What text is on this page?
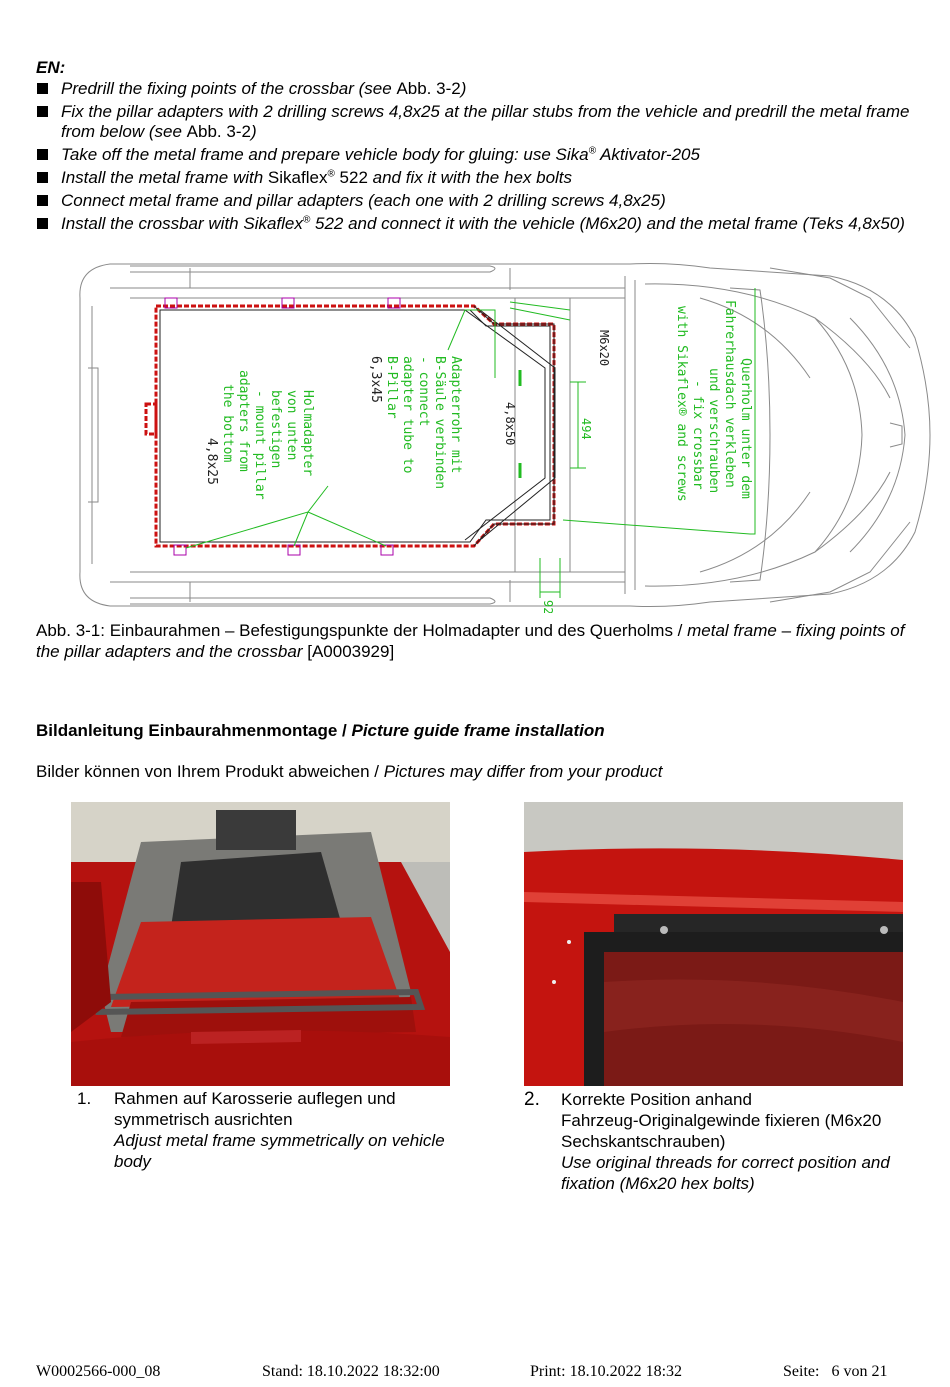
EN:
Predrill the fixing points of the crossbar (see Abb. 3-2)
Fix the pillar adapters with 2 drilling screws 4,8x25 at the pillar stubs from the vehicle and predrill the metal frame from below (see Abb. 3-2)
Take off the metal frame and prepare vehicle body for gluing: use Sika® Aktivator-205
Install the metal frame with Sikaflex® 522 and fix it with the hex bolts
Connect metal frame and pillar adapters (each one with 2 drilling screws 4,8x25)
Install the crossbar with Sikaflex® 522 and connect it with the vehicle (M6x20) and the metal frame (Teks 4,8x50)
M6x20
4,8x50	494
92
Querholm unter dem
Fahrerhausdach verkleben
und verschrauben
- fix crossbar
with Sikaflex® and screws
Adapterrohr mit
B-Säule verbinden
- connect
adapter tube to
B-Pillar
6,3x45
Holmadapter
von unten
befestigen
- mount pillar
adapters from
the bottom
4,8x25
Abb. 3-1: Einbaurahmen – Befestigungspunkte der Holmadapter und des Querholms / metal frame – fixing points of the pillar adapters and the crossbar [A0003929]
Bildanleitung Einbaurahmenmontage / Picture guide frame installation
Bilder können von Ihrem Produkt abweichen / Pictures may differ from your product
1. Rahmen auf Karosserie auflegen und
symmetrisch ausrichten
Adjust metal frame symmetrically on vehicle
body
2. Korrekte Position anhand
Fahrzeug-Originalgewinde fixieren (M6x20
Sechskantschrauben)
Use original threads for correct position and
fixation (M6x20 hex bolts)
W0002566-000_08	Stand: 18.10.2022 18:32:00	Print: 18.10.2022 18:32	Seite: 6 von 21
